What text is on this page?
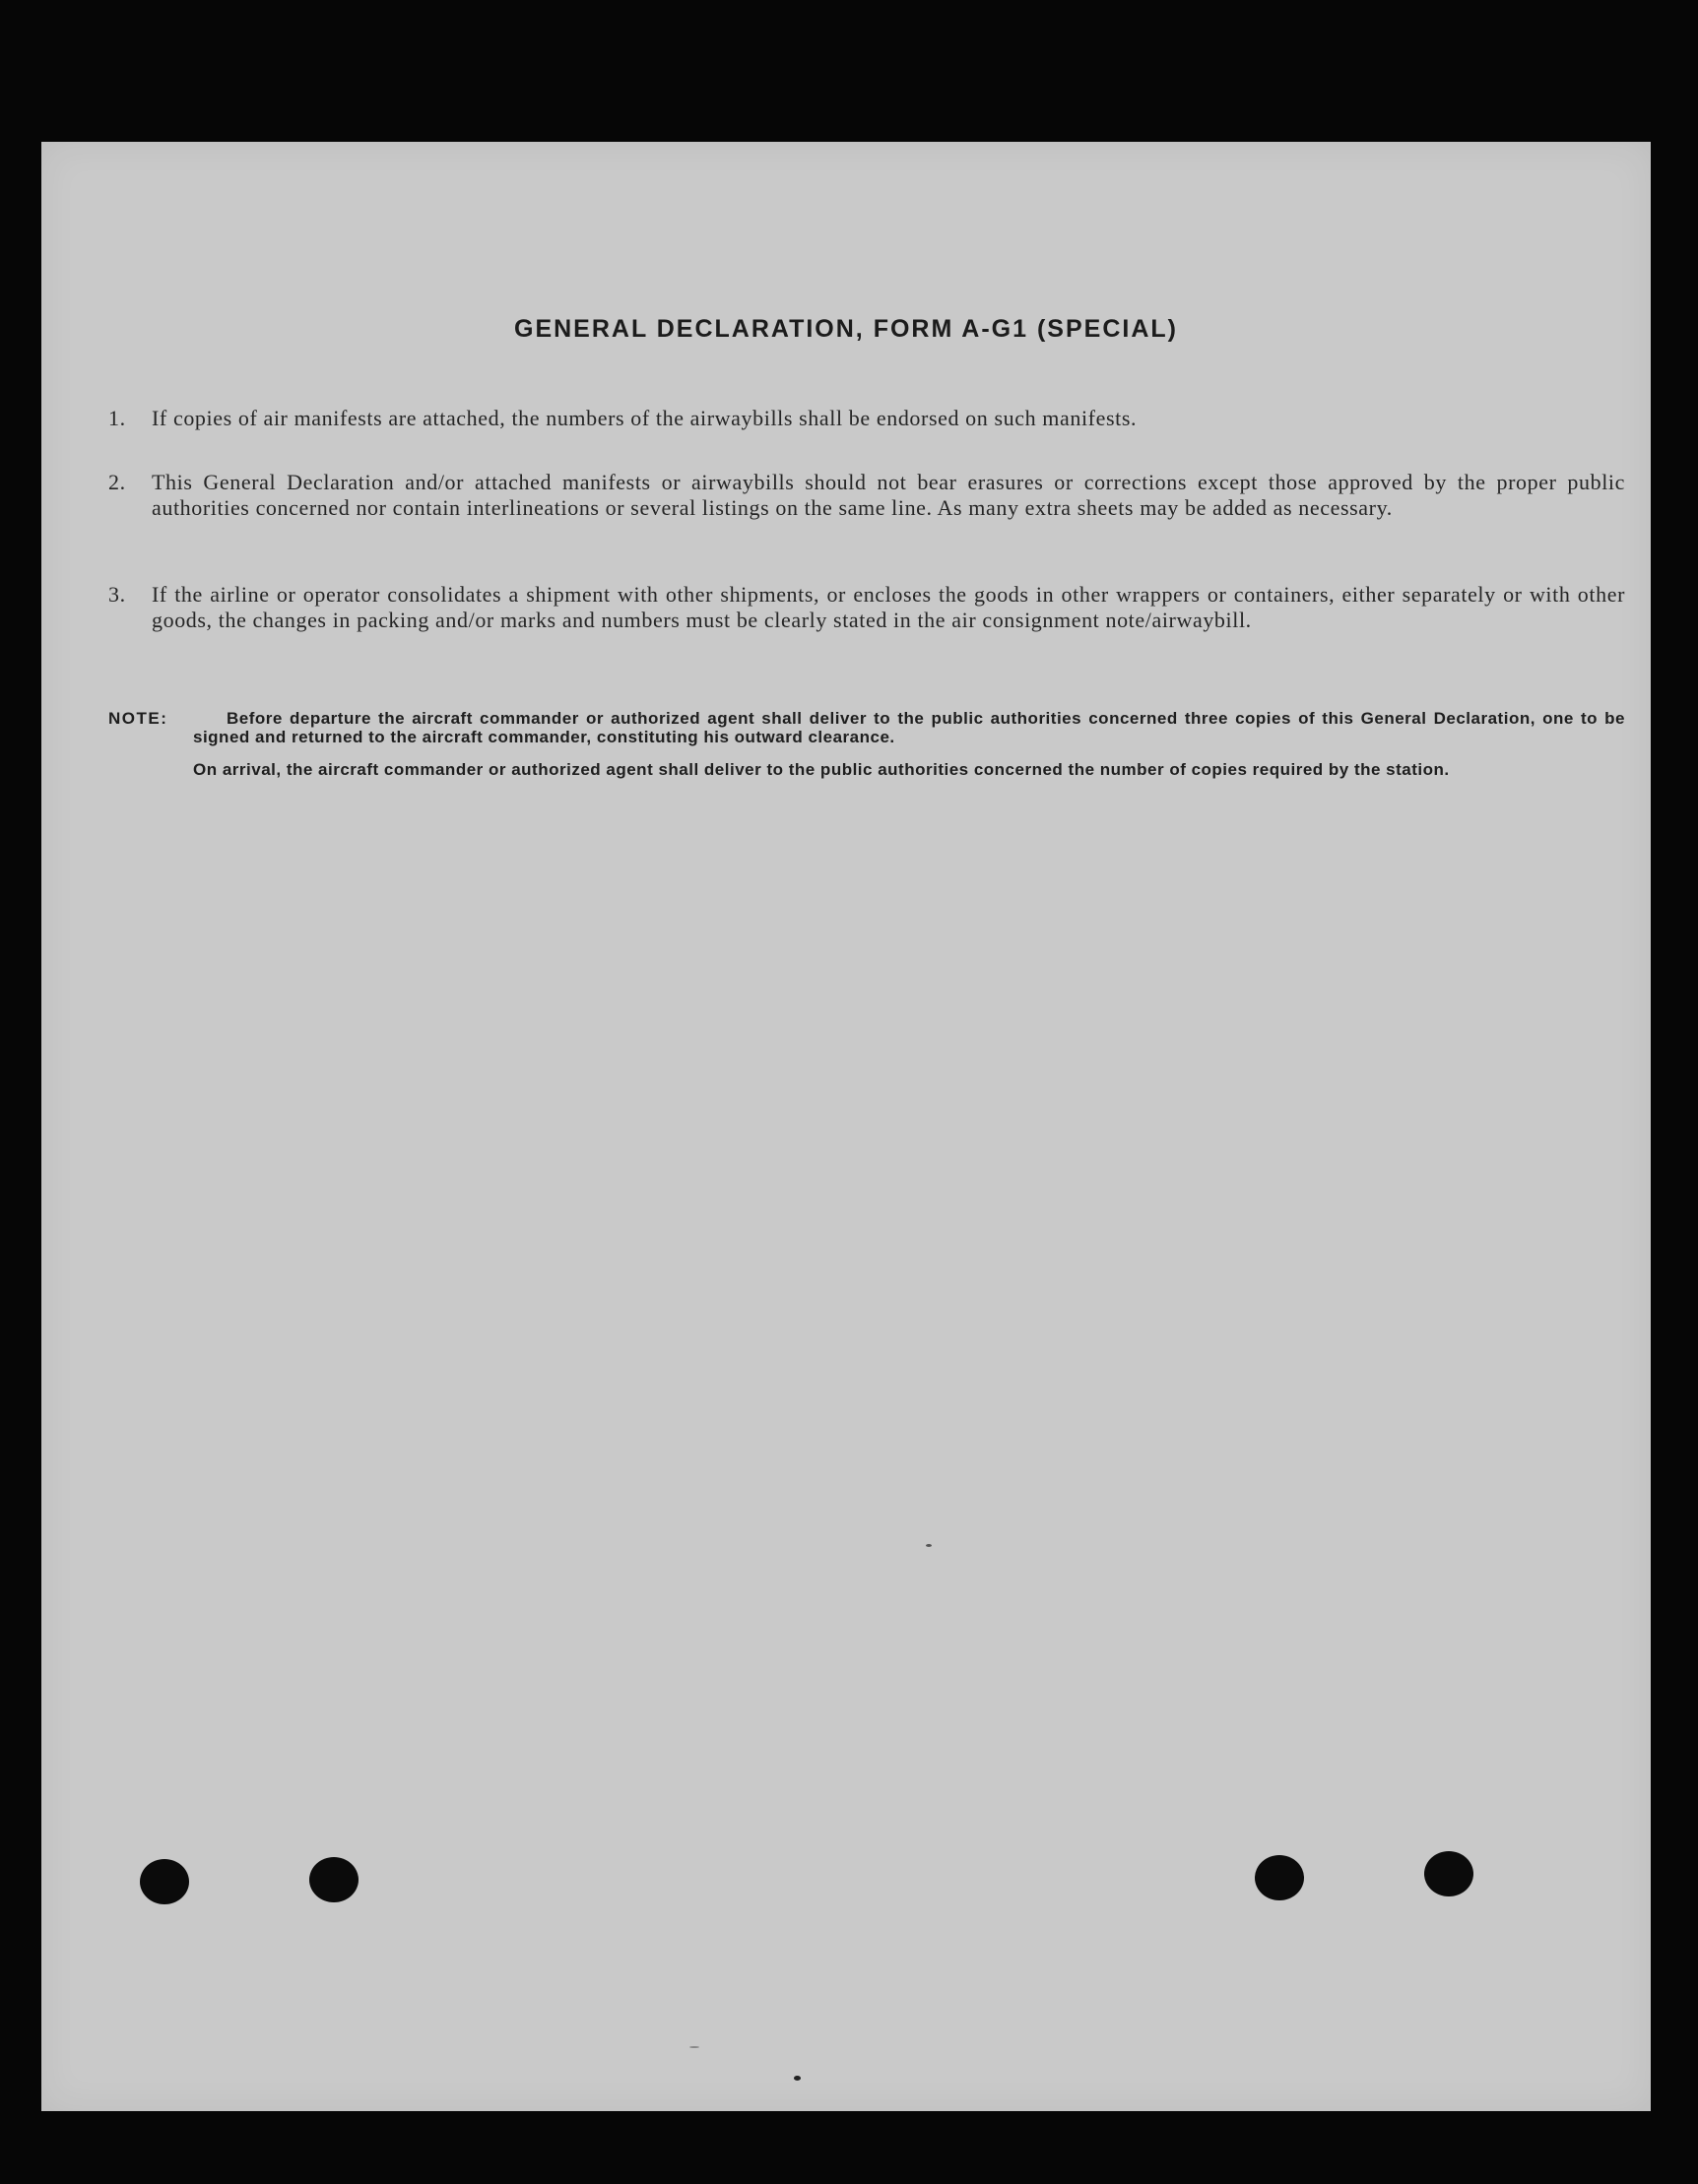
GENERAL DECLARATION, FORM A-G1 (SPECIAL)
1.	If copies of air manifests are attached, the numbers of the airwaybills shall be endorsed on such manifests.
2.	This General Declaration and/or attached manifests or airwaybills should not bear erasures or corrections except those approved by the proper public authorities concerned nor contain interlineations or several listings on the same line. As many extra sheets may be added as necessary.
3.	If the airline or operator consolidates a shipment with other shipments, or encloses the goods in other wrappers or containers, either separately or with other goods, the changes in packing and/or marks and numbers must be clearly stated in the air consignment note/airwaybill.
NOTE:	Before departure the aircraft commander or authorized agent shall deliver to the public authorities concerned three copies of this General Declaration, one to be signed and returned to the aircraft commander, constituting his outward clearance.
On arrival, the aircraft commander or authorized agent shall deliver to the public authorities concerned the number of copies required by the station.
